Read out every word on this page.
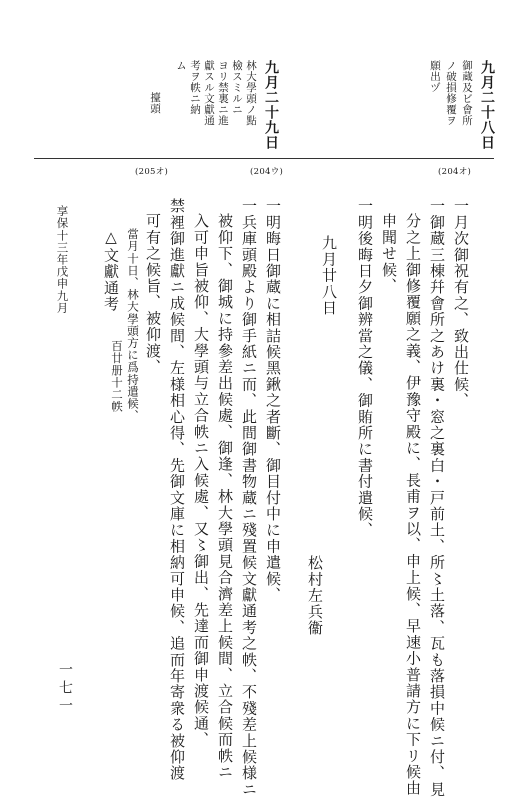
九月二十八日
御蔵及ビ會所
ノ破損修覆ヲ
願出ヅ
九月二十九日
林大學頭ノ點
檢スミルニ
ヨリ禁裏ニ進
獻スル文獻通
考ヲ帙ニ納
ム
擡頭
(204オ)
(204ウ)
(205オ)
一月次御祝有之、致出仕候、
一御蔵三棟幷會所之あけ裏・窓之裏白・戸前土、所〻土落、瓦も落損中候ニ付、見
分之上御修覆願之義、伊豫守殿に、長甫ヲ以、申上候、早速小普請方に下リ候由
申聞せ候、
一明後晦日夕御辨當之儀、御賄所に書付遣候、
九月廿八日
松村左兵衞
一明晦日御蔵に相詰候黑鍬之者斷、御目付中に申遣候、
一兵庫頭殿より御手紙ニ而、此間御書物蔵ニ殘置候文獻通考之帙、不殘差上候様ニ
被仰下、御城に持參差出候處、御逢、林大學頭見合濟差上候間、立合候而帙ニ
入可申旨被仰、大學頭与立合帙ニ入候處、又〻御出、先達而御申渡候通、
禁裡御進獻ニ成候間、左様相心得、先御文庫に相納可申候、追而年寄衆る被仰渡
可有之候旨、被仰渡、
當月十日、林大學頭方に爲持遣候、
△文獻通考
百廿册十二帙
享保十三年戊申九月
一七一
